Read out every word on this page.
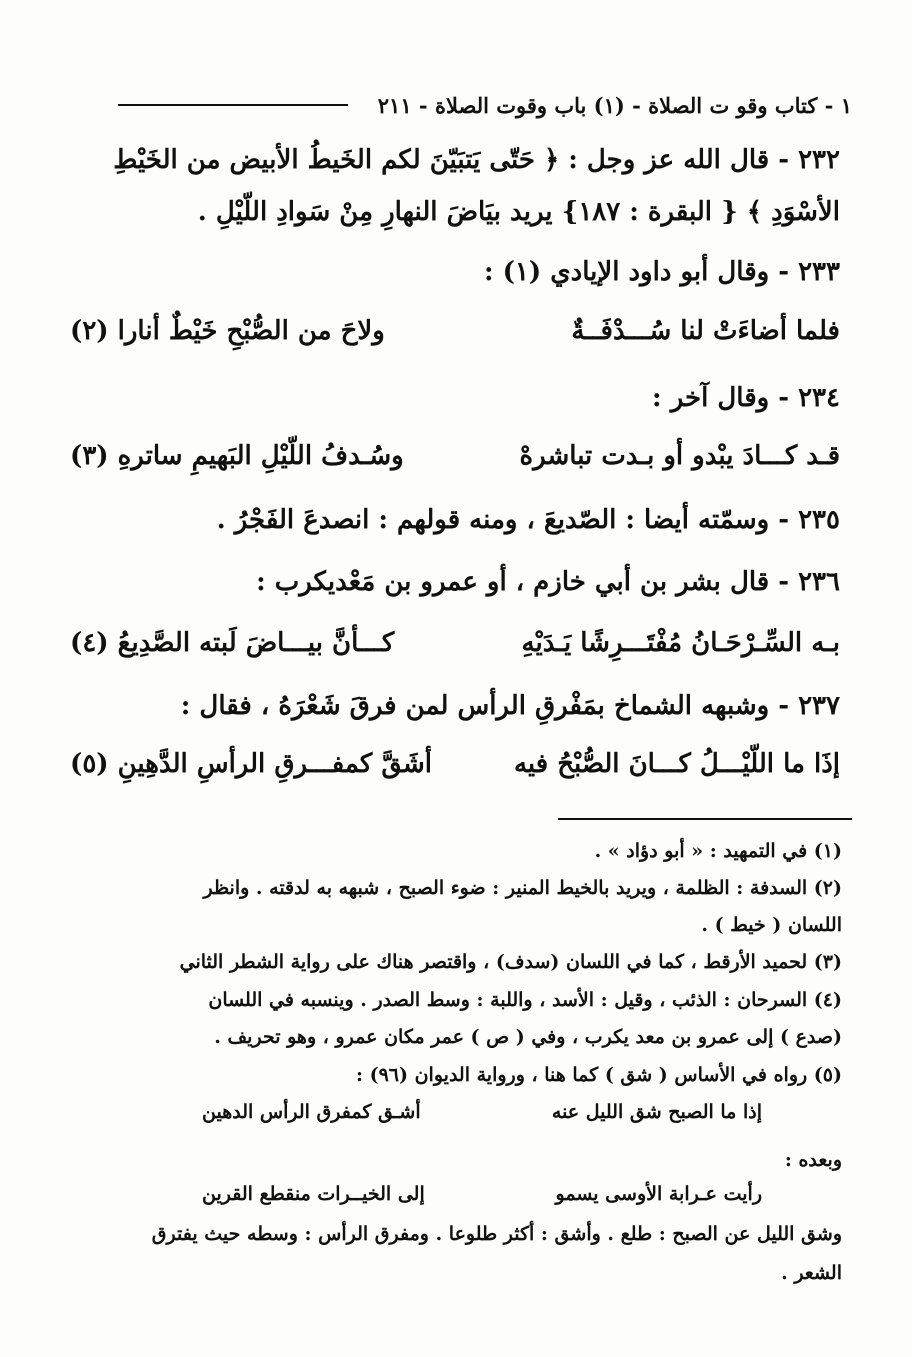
١ - كتاب وقو ت الصلاة - (١) باب وقوت الصلاة - ٢١١
٢٣٢ - قال الله عز وجل : ﴿ حَتّى يَتبَيّنَ لكم الخَيطُ الأبيض من الخَيْطِ
الأسْوَدِ ﴾ { البقرة : ١٨٧} يريد بيَاضَ النهارِ مِنْ سَوادِ اللّيْلِ .
٢٣٣ - وقال أبو داود الإيادي (١) :
فلما أضاءَتْ لنا سُـــدْفَــةٌ
ولاحَ من الصُّبْحِ خَيْطٌ أنارا (٢)
٢٣٤ - وقال آخر :
قـد كـــادَ يبْدو أو بـدت تباشرهْ
وسُـدفُ اللّيْلِ البَهيمِ ساترهِ (٣)
٢٣٥ - وسمّته أيضا : الصّديعَ ، ومنه قولهم : انصدعَ الفَجْرُ .
٢٣٦ - قال بشر بن أبي خازم ، أو عمرو بن مَعْديكرب :
بـه السِّـرْحَـانُ مُفْتَـــرِشًا يَـدَيْهِ
كـــأنَّ بيـــاضَ لَبته الصَّدِيعُ (٤)
٢٣٧ - وشبهه الشماخ بمَفْرقِ الرأس لمن فرقَ شَعْرَهُ ، فقال :
إذَا ما اللّيْـــلُ كـــانَ الصُّبْحُ فيه
أشَقَّ كمفـــرقِ الرأسِ الدَّهِينِ (٥)
(١) في التمهيد : « أبو دؤاد » .
(٢) السدفة : الظلمة ، ويريد بالخيط المنير : ضوء الصبح ، شبهه به لدقته . وانظر
اللسان ( خيط ) .
(٣) لحميد الأرقط ، كما في اللسان (سدف) ، واقتصر هناك على رواية الشطر الثاني
(٤) السرحان : الذئب ، وقيل : الأسد ، واللبة : وسط الصدر . وينسبه في اللسان
(صدع ) إلى عمرو بن معد يكرب ، وفي ( ص ) عمر مكان عمرو ، وهو تحريف .
(٥) رواه في الأساس ( شق ) كما هنا ، ورواية الديوان (٩٦) :
إذا ما الصبح شق الليل عنه
أشـق كمفرق الرأس الدهين
وبعده :
رأيت عـرابة الأوسى يسمو
إلى الخيــرات منقطع القرين
وشق الليل عن الصبح : طلع . وأشق : أكثر طلوعا . ومفرق الرأس : وسطه حيث يفترق
الشعر .
